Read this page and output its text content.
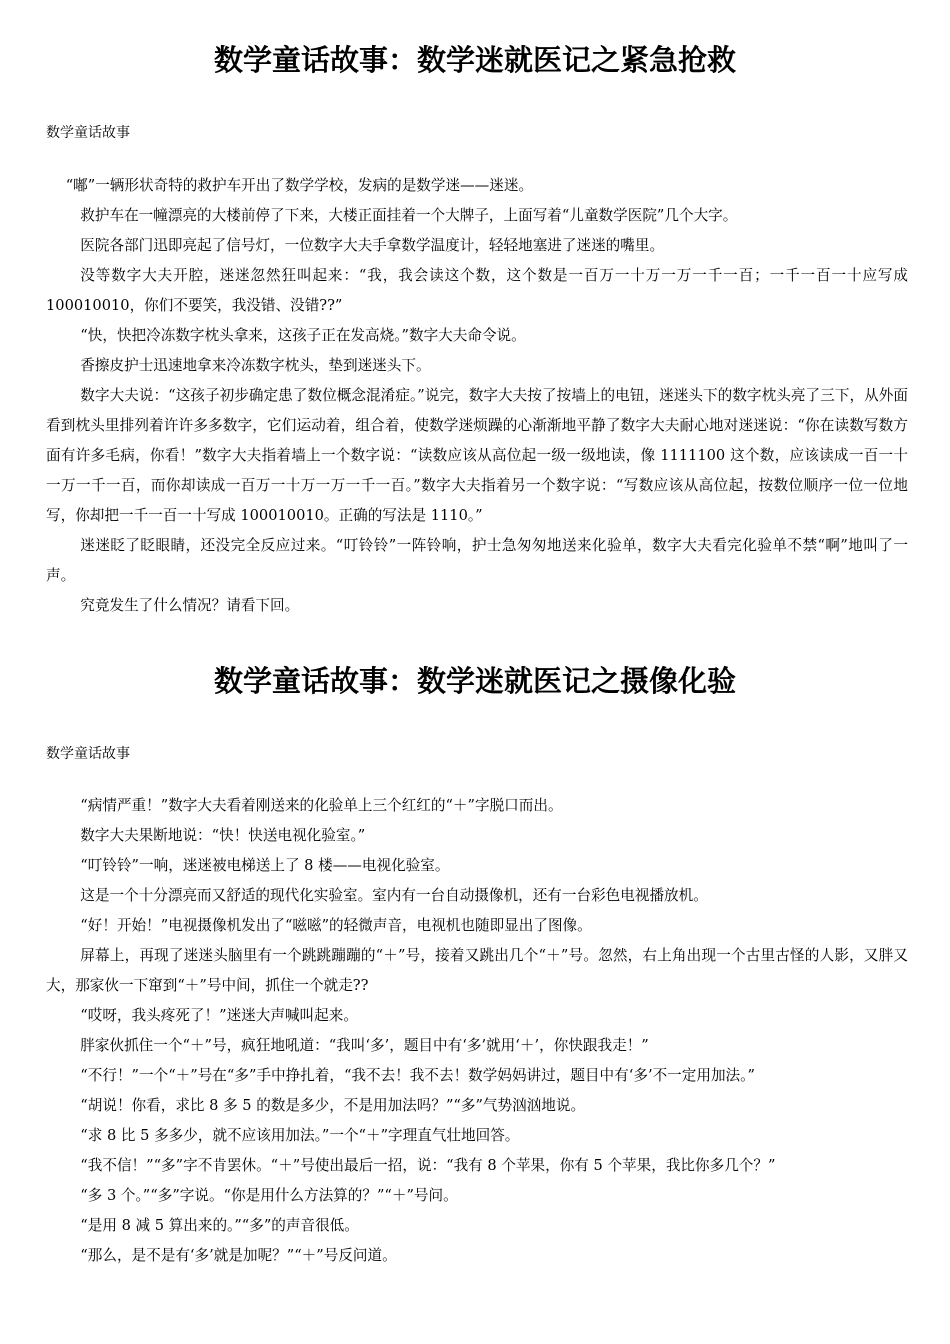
数学童话故事：数学迷就医记之紧急抢救
数学童话故事

“嘟”一辆形状奇特的救护车开出了数学学校，发病的是数学迷——迷迷。

救护车在一幢漂亮的大楼前停了下来，大楼正面挂着一个大牌子，上面写着“儿童数学医院”几个大字。

医院各部门迅即亮起了信号灯，一位数字大夫手拿数学温度计，轻轻地塞进了迷迷的嘴里。

没等数字大夫开腔，迷迷忽然狂叫起来：“我，我会读这个数，这个数是一百万一十万一万一千一百；一千一百一十应写成 100010010，你们不要笑，我没错、没错??”

“快，快把冷冻数字枕头拿来，这孩子正在发高烧。”数字大夫命令说。

香擦皮护士迅速地拿来冷冻数字枕头，垫到迷迷头下。

数字大夫说：“这孩子初步确定患了数位概念混淆症。”说完，数字大夫按了按墙上的电钮，迷迷头下的数字枕头亮了三下，从外面看到枕头里排列着许许多多数字，它们运动着，组合着，使数学迷烦躁的心渐渐地平静了数字大夫耐心地对迷迷说：“你在读数写数方面有许多毛病，你看！”数字大夫指着墙上一个数字说：“读数应该从高位起一级一级地读，像 1111100 这个数，应该读成一百一十一万一千一百，而你却读成一百万一十万一万一千一百。”数字大夫指着另一个数字说：“写数应该从高位起，按数位顺序一位一位地写，你却把一千一百一十写成 100010010。正确的写法是 1110。”

迷迷眨了眨眼睛，还没完全反应过来。“叮铃铃”一阵铃响，护士急匆匆地送来化验单，数字大夫看完化验单不禁“啊”地叫了一声。

究竟发生了什么情况？请看下回。

数学童话故事：数学迷就医记之摄像化验
数学童话故事

“病情严重！”数字大夫看着刚送来的化验单上三个红红的“＋”字脱口而出。

数字大夫果断地说：“快！快送电视化验室。”

“叮铃铃”一响，迷迷被电梯送上了 8 楼——电视化验室。

这是一个十分漂亮而又舒适的现代化实验室。室内有一台自动摄像机，还有一台彩色电视播放机。

“好！开始！”电视摄像机发出了“嗞嗞”的轻微声音，电视机也随即显出了图像。

屏幕上，再现了迷迷头脑里有一个跳跳蹦蹦的“＋”号，接着又跳出几个“＋”号。忽然，右上角出现一个古里古怪的人影，又胖又大，那家伙一下窜到“＋”号中间，抓住一个就走??

“哎呀，我头疼死了！”迷迷大声喊叫起来。

胖家伙抓住一个“＋”号，疯狂地吼道：“我叫‘多’，题目中有‘多’就用‘＋’，你快跟我走！”

“不行！”一个“＋”号在“多”手中挣扎着，“我不去！我不去！数学妈妈讲过，题目中有‘多’不一定用加法。”

“胡说！你看，求比 8 多 5 的数是多少，不是用加法吗？”“多”气势汹汹地说。

“求 8 比 5 多多少，就不应该用加法。”一个“＋”字理直气壮地回答。

“我不信！”“多”字不肯罢休。“＋”号使出最后一招，说：“我有 8 个苹果，你有 5 个苹果，我比你多几个？”

“多 3 个。”“多”字说。“你是用什么方法算的？”“＋”号问。

“是用 8 减 5 算出来的。”“多”的声音很低。

“那么，是不是有‘多’就是加呢？”“＋”号反问道。
